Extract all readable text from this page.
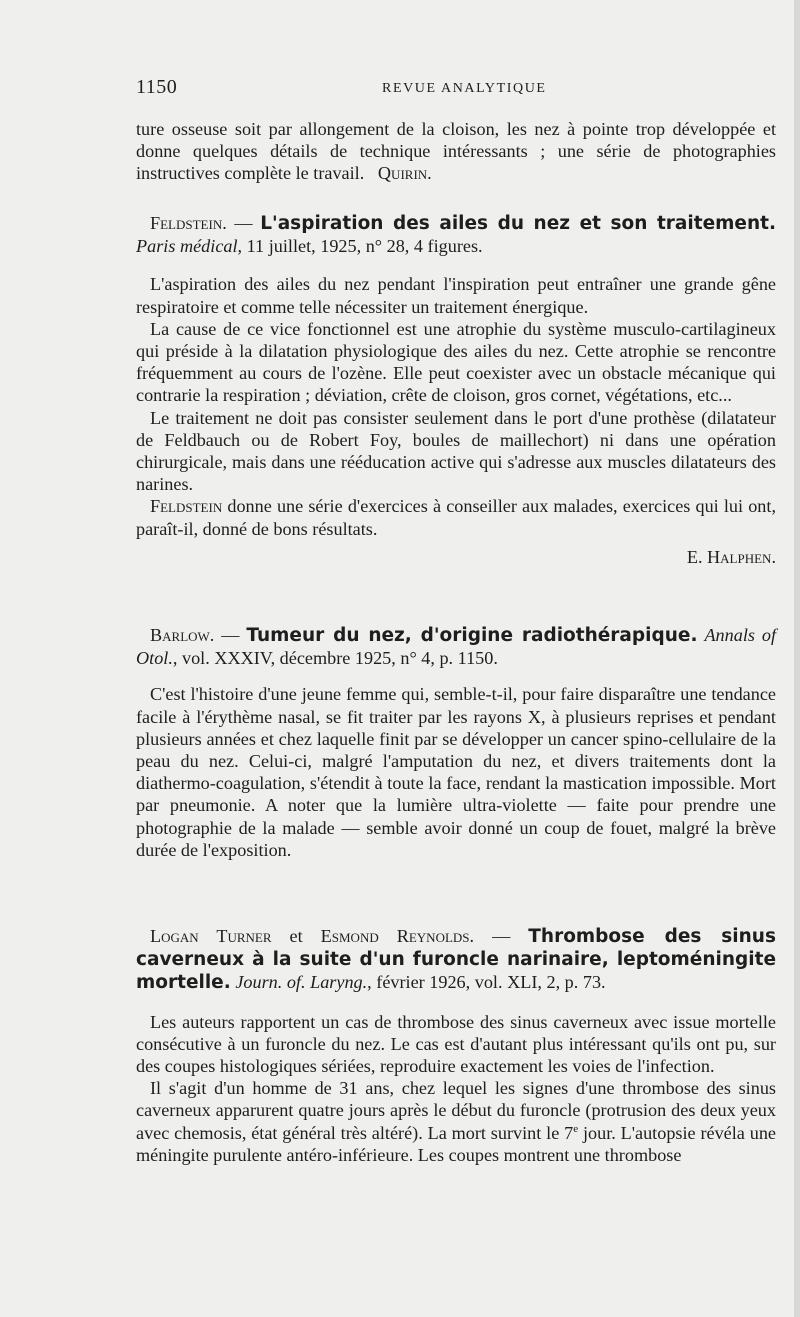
1150	REVUE ANALYTIQUE

ture osseuse soit par allongement de la cloison, les nez à pointe trop développée et donne quelques détails de technique intéressants ; une série de photographies instructives complète le travail. Quirin.

Feldstein. — L'aspiration des ailes du nez et son traitement. Paris médical, 11 juillet, 1925, n° 28, 4 figures.

L'aspiration des ailes du nez pendant l'inspiration peut entraîner une grande gêne respiratoire et comme telle nécessiter un traitement énergique.

La cause de ce vice fonctionnel est une atrophie du système musculo-cartilagineux qui préside à la dilatation physiologique des ailes du nez. Cette atrophie se rencontre fréquemment au cours de l'ozène. Elle peut coexister avec un obstacle mécanique qui contrarie la respiration ; déviation, crête de cloison, gros cornet, végétations, etc...

Le traitement ne doit pas consister seulement dans le port d'une prothèse (dilatateur de Feldbauch ou de Robert Foy, boules de maillechort) ni dans une opération chirurgicale, mais dans une rééducation active qui s'adresse aux muscles dilatateurs des narines.

Feldstein donne une série d'exercices à conseiller aux malades, exercices qui lui ont, paraît-il, donné de bons résultats.

E. Halphen.

Barlow. — Tumeur du nez, d'origine radiothérapique. Annals of Otol., vol. XXXIV, décembre 1925, n° 4, p. 1150.

C'est l'histoire d'une jeune femme qui, semble-t-il, pour faire disparaître une tendance facile à l'érythème nasal, se fit traiter par les rayons X, à plusieurs reprises et pendant plusieurs années et chez laquelle finit par se développer un cancer spino-cellulaire de la peau du nez. Celui-ci, malgré l'amputation du nez, et divers traitements dont la diathermo-coagulation, s'étendit à toute la face, rendant la mastication impossible. Mort par pneumonie. A noter que la lumière ultra-violette — faite pour prendre une photographie de la malade — semble avoir donné un coup de fouet, malgré la brève durée de l'exposition.

Logan Turner et Esmond Reynolds. — Thrombose des sinus caverneux à la suite d'un furoncle narinaire, leptoméningite mortelle. Journ. of. Laryng., février 1926, vol. XLI, 2, p. 73.

Les auteurs rapportent un cas de thrombose des sinus caverneux avec issue mortelle consécutive à un furoncle du nez. Le cas est d'autant plus intéressant qu'ils ont pu, sur des coupes histologiques sériées, reproduire exactement les voies de l'infection.

Il s'agit d'un homme de 31 ans, chez lequel les signes d'une thrombose des sinus caverneux apparurent quatre jours après le début du furoncle (protrusion des deux yeux avec chemosis, état général très altéré). La mort survint le 7e jour. L'autopsie révéla une méningite purulente antéro-inférieure. Les coupes montrent une thrombose
